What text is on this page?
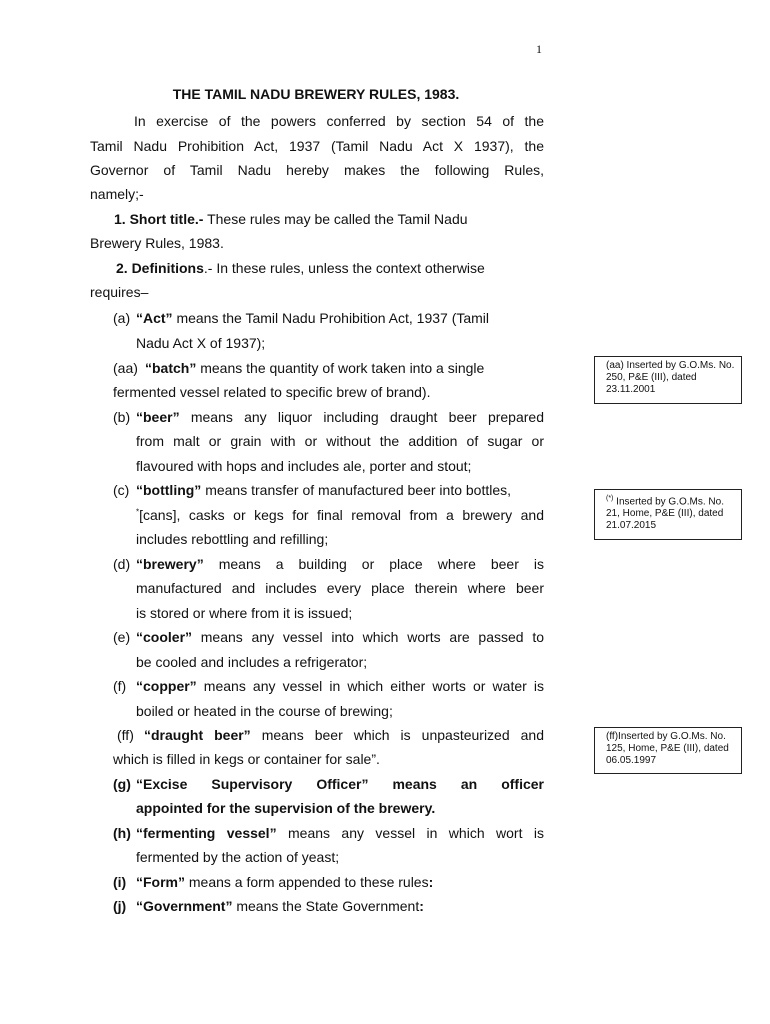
1
THE TAMIL NADU BREWERY RULES, 1983.
In exercise of the powers conferred by section 54 of the
Tamil Nadu Prohibition Act, 1937 (Tamil Nadu Act X 1937), the
Governor of Tamil Nadu hereby makes the following Rules,
namely;-
1. Short title.- These rules may be called the Tamil Nadu
Brewery Rules, 1983.
2. Definitions.- In these rules, unless the context otherwise
requires–
(a) “Act” means the Tamil Nadu Prohibition Act, 1937 (Tamil
Nadu Act X of 1937);
(aa) “batch” means the quantity of work taken into a single
fermented vessel related to specific brew of brand).
(b) “beer” means any liquor including draught beer prepared
from malt or grain with or without the addition of sugar or
flavoured with hops and includes ale, porter and stout;
(c) “bottling” means transfer of manufactured beer into bottles,
*[cans], casks or kegs for final removal from a brewery and
includes rebottling and refilling;
(d) “brewery” means a building or place where beer is
manufactured and includes every place therein where beer
is stored or where from it is issued;
(e) “cooler” means any vessel into which worts are passed to
be cooled and includes a refrigerator;
(f) “copper” means any vessel in which either worts or water is
boiled or heated in the course of brewing;
(ff) “draught beer” means beer which is unpasteurized and
which is filled in kegs or container for sale”.
(g) “Excise Supervisory Officer” means an officer
appointed for the supervision of the brewery.
(h) “fermenting vessel” means any vessel in which wort is
fermented by the action of yeast;
(i) “Form” means a form appended to these rules:
(j) “Government” means the State Government:
(aa) Inserted by G.O.Ms. No. 250, P&E (III), dated 23.11.2001
(*) Inserted by G.O.Ms. No. 21, Home, P&E (III), dated 21.07.2015
(ff)Inserted by G.O.Ms. No. 125, Home, P&E (III), dated 06.05.1997
